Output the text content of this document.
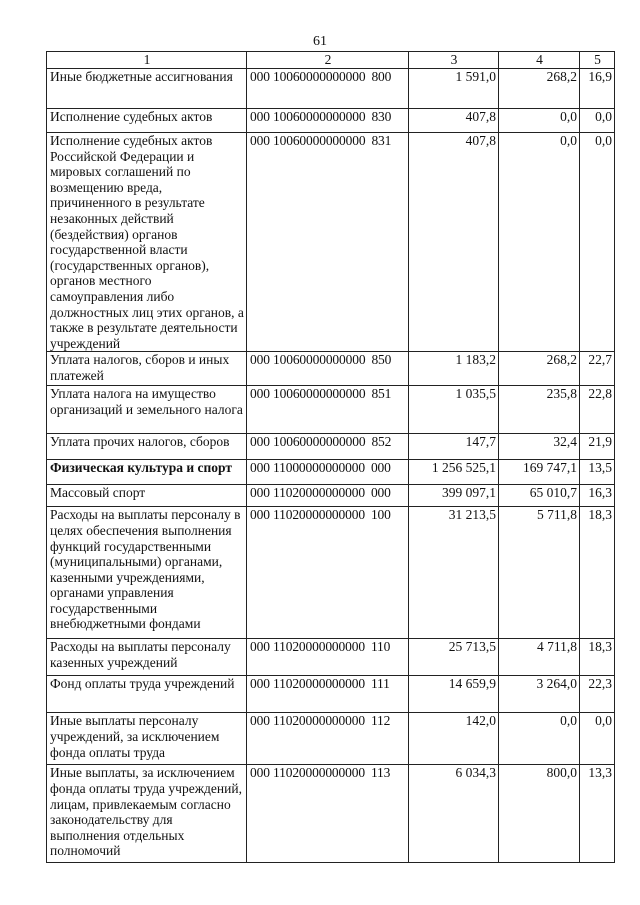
61
1	2	3	4	5
Иные бюджетные ассигнования	000 10060000000000 800	1 591,0	268,2	16,9
Исполнение судебных актов	000 10060000000000 830	407,8	0,0	0,0
Исполнение судебных актов Российской Федерации и мировых соглашений по возмещению вреда, причиненного в результате незаконных действий (бездействия) органов государственной власти (государственных органов), органов местного самоуправления либо должностных лиц этих органов, а также в результате деятельности учреждений	000 10060000000000 831	407,8	0,0	0,0
Уплата налогов, сборов и иных платежей	000 10060000000000 850	1 183,2	268,2	22,7
Уплата налога на имущество организаций и земельного налога	000 10060000000000 851	1 035,5	235,8	22,8
Уплата прочих налогов, сборов	000 10060000000000 852	147,7	32,4	21,9
Физическая культура и спорт	000 11000000000000 000	1 256 525,1	169 747,1	13,5
Массовый спорт	000 11020000000000 000	399 097,1	65 010,7	16,3
Расходы на выплаты персоналу в целях обеспечения выполнения функций государственными (муниципальными) органами, казенными учреждениями, органами управления государственными внебюджетными фондами	000 11020000000000 100	31 213,5	5 711,8	18,3
Расходы на выплаты персоналу казенных учреждений	000 11020000000000 110	25 713,5	4 711,8	18,3
Фонд оплаты труда учреждений	000 11020000000000 111	14 659,9	3 264,0	22,3
Иные выплаты персоналу учреждений, за исключением фонда оплаты труда	000 11020000000000 112	142,0	0,0	0,0
Иные выплаты, за исключением фонда оплаты труда учреждений, лицам, привлекаемым согласно законодательству для выполнения отдельных полномочий	000 11020000000000 113	6 034,3	800,0	13,3
